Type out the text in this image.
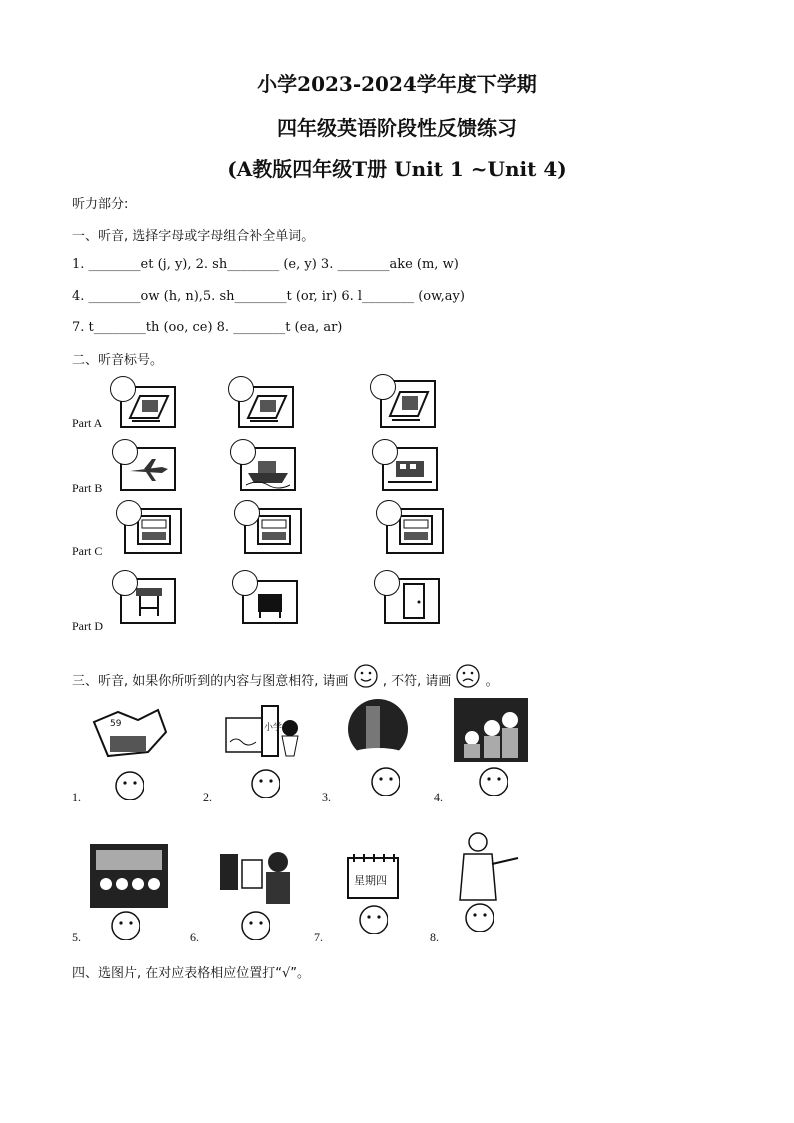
小学2023-2024学年度下学期
四年级英语阶段性反馈练习
(A教版四年级T册 Unit 1 ~Unit 4)
听力部分:
一、听音, 选择字母或字母组合补全单词。
1. ________et (j, y), 2. sh________ (e, y) 3. ________ake (m, w)
4. ________ow (h, n),5. sh________t (or, ir) 6. l________ (ow,ay)
7. t________th (oo, ce) 8. ________t (ea, ar)
二、听音标号。
Part A
Part B
Part C
Part D
三、听音, 如果你所听到的内容与图意相符, 请画	, 不符, 请画	。
59	小学
1.	2.	3.	4.
星期四
5.	6.	7.	8.
四、选图片, 在对应表格相应位置打“√”。
